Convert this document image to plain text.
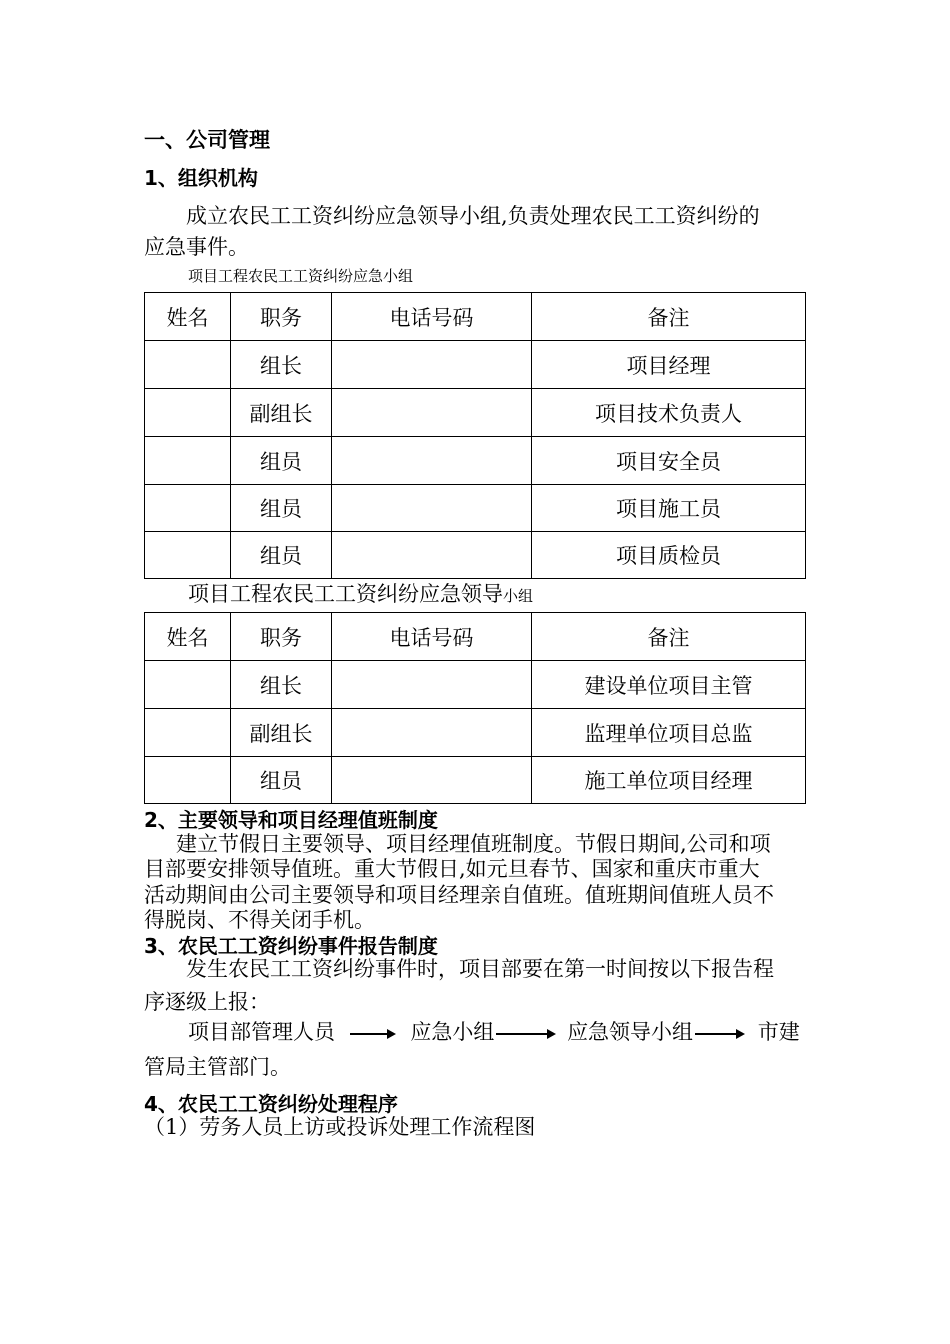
一、公司管理
1、组织机构
成立农民工工资纠纷应急领导小组,负责处理农民工工资纠纷的
应急事件。
项目工程农民工工资纠纷应急小组
姓名	职务	电话号码	备注
	组长		项目经理
	副组长		项目技术负责人
	组员		项目安全员
	组员		项目施工员
	组员		项目质检员
项目工程农民工工资纠纷应急领导小组
姓名	职务	电话号码	备注
	组长		建设单位项目主管
	副组长		监理单位项目总监
	组员		施工单位项目经理
2、主要领导和项目经理值班制度
建立节假日主要领导、项目经理值班制度。节假日期间,公司和项
目部要安排领导值班。重大节假日,如元旦春节、国家和重庆市重大
活动期间由公司主要领导和项目经理亲自值班。值班期间值班人员不
得脱岗、不得关闭手机。
3、农民工工资纠纷事件报告制度
发生农民工工资纠纷事件时，项目部要在第一时间按以下报告程
序逐级上报：
项目部管理人员	应急小组	应急领导小组	市建
管局主管部门。
4、农民工工资纠纷处理程序
（1）劳务人员上访或投诉处理工作流程图
